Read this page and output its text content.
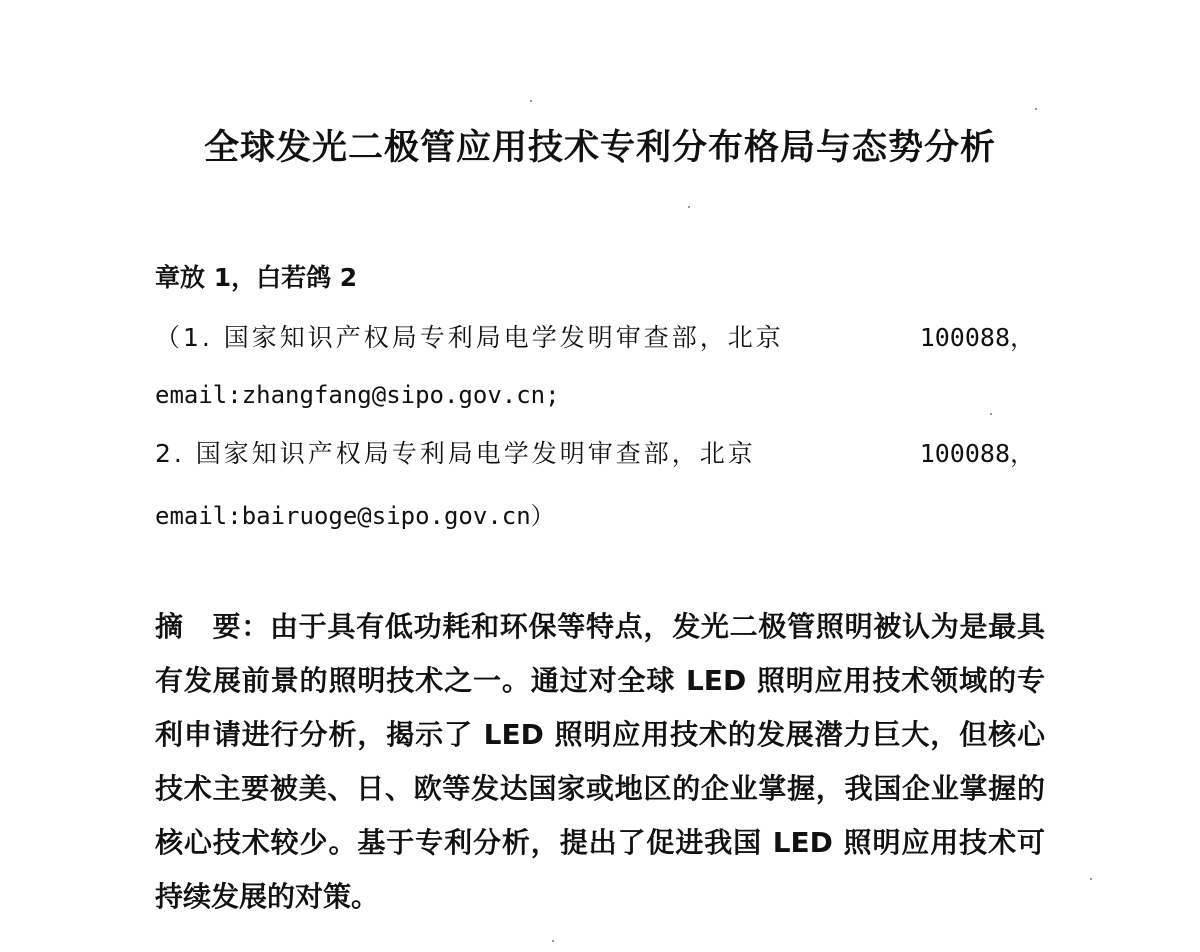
全球发光二极管应用技术专利分布格局与态势分析
章放 1，白若鸽 2
（1. 国家知识产权局专利局电学发明审查部，北京	100088，
email:zhangfang@sipo.gov.cn;
2. 国家知识产权局专利局电学发明审查部，北京	100088，
email:bairuoge@sipo.gov.cn）

摘　要：由于具有低功耗和环保等特点，发光二极管照明被认为是最具有发展前景的照明技术之一。通过对全球 LED 照明应用技术领域的专利申请进行分析，揭示了 LED 照明应用技术的发展潜力巨大，但核心技术主要被美、日、欧等发达国家或地区的企业掌握，我国企业掌握的核心技术较少。基于专利分析，提出了促进我国 LED 照明应用技术可持续发展的对策。
